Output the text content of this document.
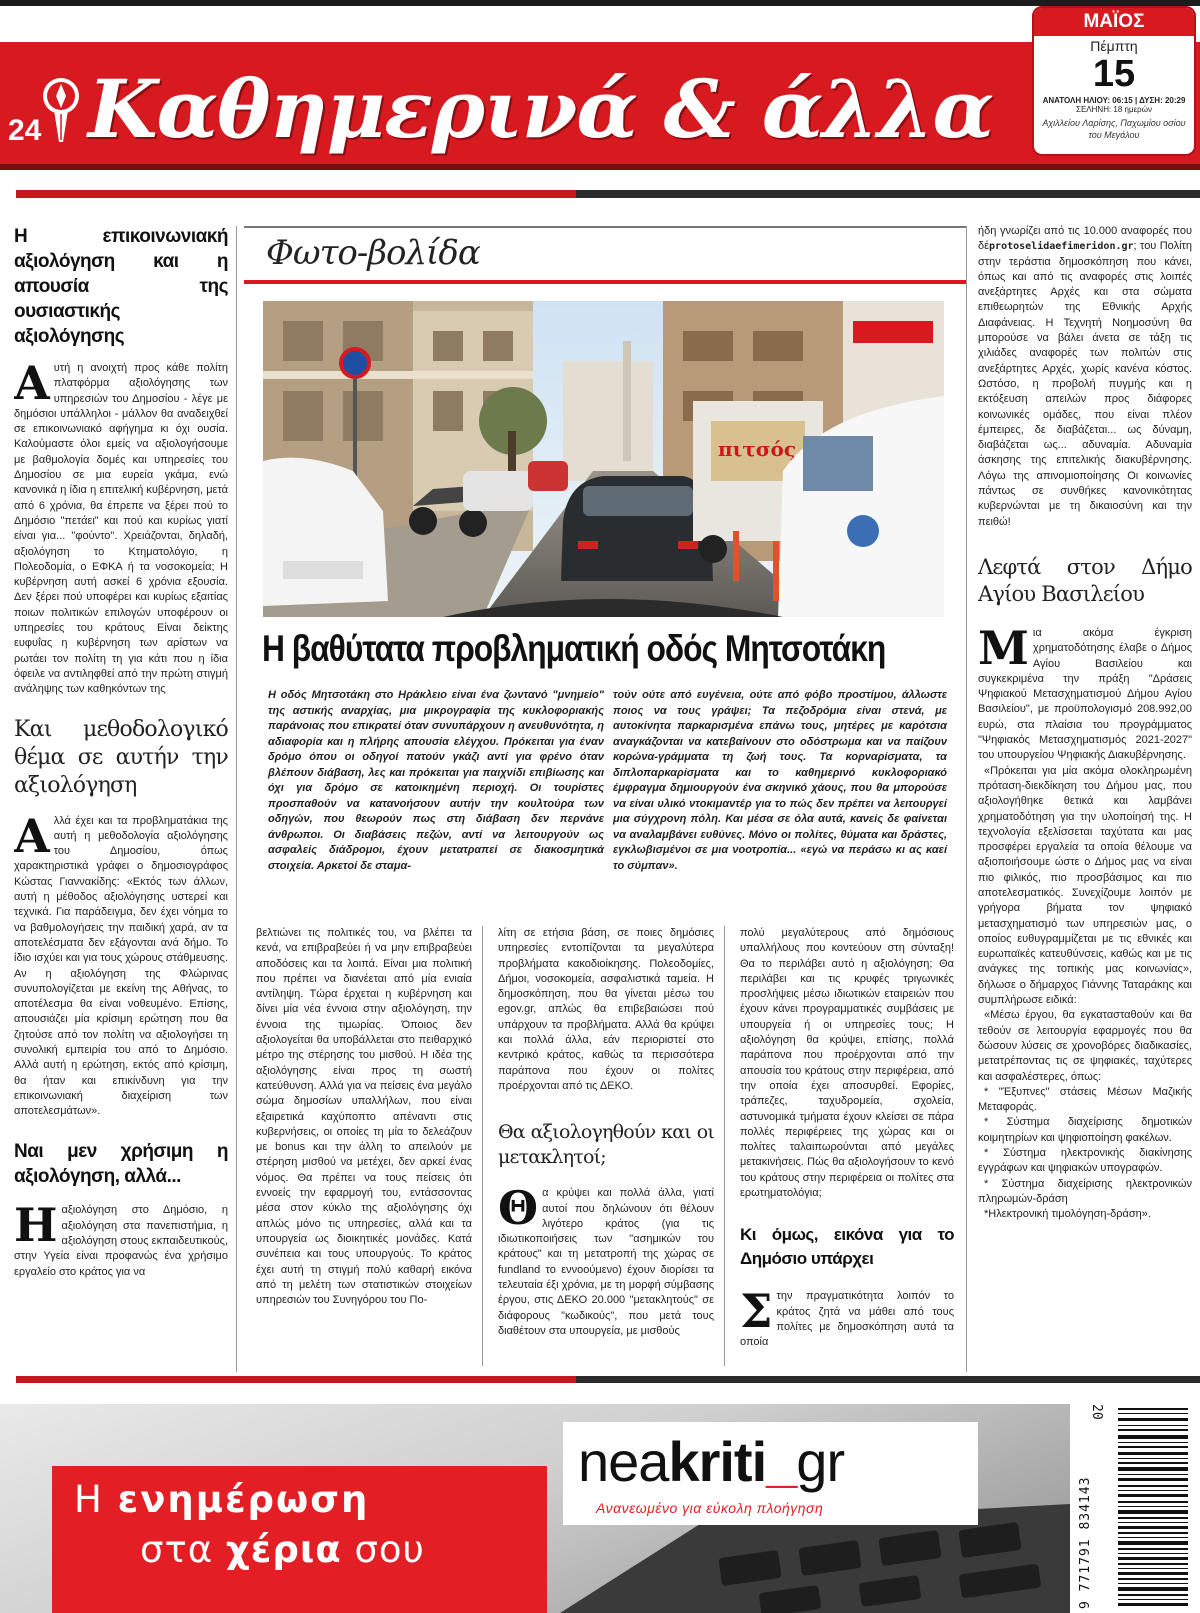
24 Καθημερινά & άλλα
ΜΑΪΟΣ
Πέμπτη
15
ΑΝΑΤΟΛΗ ΗΛΙΟΥ: 06:15 | ΔΥΣΗ: 20:29
ΣΕΛΗΝΗ: 18 ημερών
Αχιλλείου Λαρίσης, Παχωμίου οσίου του Μεγάλου
Η επικοινωνιακή αξιολόγηση και η απουσία της ουσιαστικής αξιολόγησης

Αυτή η ανοιχτή προς κάθε πολίτη πλατφόρμα αξιολόγησης των υπηρεσιών του Δημοσίου - λέγε με δημόσιοι υπάλληλοι - μάλλον θα αναδειχθεί σε επικοινωνιακό αφήγημα κι όχι ουσία. Καλούμαστε όλοι εμείς να αξιολογήσουμε με βαθμολογία δομές και υπηρεσίες του Δημοσίου σε μια ευρεία γκάμα, ενώ κανονικά η ίδια η επιτελική κυβέρνηση, μετά από 6 χρόνια, θα έπρεπε να ξέρει πού το Δημόσιο "πετάει" και πού και κυρίως γιατί είναι για... "φούντο". Χρειάζονται, δηλαδή, αξιολόγηση το Κτηματολόγιο, η Πολεοδομία, ο ΕΦΚΑ ή τα νοσοκομεία; Η κυβέρνηση αυτή ασκεί 6 χρόνια εξουσία. Δεν ξέρει πού υποφέρει και κυρίως εξαιτίας ποιων πολιτικών επιλογών υποφέρουν οι υπηρεσίες του κράτους Είναι δείκτης ευφυΐας η κυβέρνηση των αρίστων να ρωτάει τον πολίτη τη για κάτι που η ίδια όφειλε να αντιληφθεί από την πρώτη στιγμή ανάληψης των καθηκόντων της

Και μεθοδολογικό θέμα σε αυτήν την αξιολόγηση

Αλλά έχει και τα προβληματάκια της αυτή η μεθοδολογία αξιολόγησης του Δημοσίου, όπως χαρακτηριστικά γράφει ο δημοσιογράφος Κώστας Γιαννακίδης: «Εκτός των άλλων, αυτή η μέθοδος αξιολόγησης υστερεί και τεχνικά. Για παράδειγμα, δεν έχει νόημα το να βαθμολογήσεις την παιδική χαρά, αν τα αποτελέσματα δεν εξάγονται ανά δήμο. Το ίδιο ισχύει και για τους χώρους στάθμευσης. Αν η αξιολόγηση της Φλώρινας συνυπολογίζεται με εκείνη της Αθήνας, το αποτέλεσμα θα είναι νοθευμένο. Επίσης, απουσιάζει μία κρίσιμη ερώτηση που θα ζητούσε από τον πολίτη να αξιολογήσει τη συνολική εμπειρία του από το Δημόσιο. Αλλά αυτή η ερώτηση, εκτός από κρίσιμη, θα ήταν και επικίνδυνη για την επικοινωνιακή διαχείριση των αποτελεσμάτων».

Ναι μεν χρήσιμη η αξιολόγηση, αλλά...

Ηαξιολόγηση στο Δημόσιο, η αξιολόγηση στα πανεπιστήμια, η αξιολόγηση στους εκπαιδευτικούς, στην Υγεία είναι προφανώς ένα χρήσιμο εργαλείο στο κράτος για να

Φωτο-βολίδα
πιτσός
Η βαθύτατα προβληματική οδός Μητσοτάκη
Η οδός Μητσοτάκη στο Ηράκλειο είναι ένα ζωντανό "μνημείο" της αστικής αναρχίας, μια μικρογραφία της κυκλοφοριακής παράνοιας που επικρατεί όταν συνυπάρχουν η ανευθυνότητα, η αδιαφορία και η πλήρης απουσία ελέγχου. Πρόκειται για έναν δρόμο όπου οι οδηγοί πατούν γκάζι αντί για φρένο όταν βλέπουν διάβαση, λες και πρόκειται για παιχνίδι επιβίωσης και όχι για δρόμο σε κατοικημένη περιοχή. Οι τουρίστες προσπαθούν να κατανοήσουν αυτήν την κουλτούρα των οδηγών, που θεωρούν πως στη διάβαση δεν περνάνε άνθρωποι. Οι διαβάσεις πεζών, αντί να λειτουργούν ως ασφαλείς διάδρομοι, έχουν μετατραπεί σε διακοσμητικά στοιχεία. Αρκετοί δε σταμα-
τούν ούτε από ευγένεια, ούτε από φόβο προστίμου, άλλωστε ποιος να τους γράψει; Τα πεζοδρόμια είναι στενά, με αυτοκίνητα παρκαρισμένα επάνω τους, μητέρες με καρότσια αναγκάζονται να κατεβαίνουν στο οδόστρωμα και να παίζουν κορώνα-γράμματα τη ζωή τους. Τα κορναρίσματα, τα διπλοπαρκαρίσματα και το καθημερινό κυκλοφοριακό έμφραγμα δημιουργούν ένα σκηνικό χάους, που θα μπορούσε να είναι υλικό ντοκιμαντέρ για το πώς δεν πρέπει να λειτουργεί μια σύγχρονη πόλη. Και μέσα σε όλα αυτά, κανείς δε φαίνεται να αναλαμβάνει ευθύνες. Μόνο οι πολίτες, θύματα και δράστες, εγκλωβισμένοι σε μια νοοτροπία... «εγώ να περάσω κι ας καεί το σύμπαν».

βελτιώνει τις πολιτικές του, να βλέπει τα κενά, να επιβραβεύει ή να μην επιβραβεύει αποδόσεις και τα λοιπά. Είναι μια πολιτική που πρέπει να διανέεται από μία ενιαία αντίληψη. Τώρα έρχεται η κυβέρνηση και δίνει μία νέα έννοια στην αξιολόγηση, την έννοια της τιμωρίας. Όποιος δεν αξιολογείται θα υποβάλλεται στο πειθαρχικό μέτρο της στέρησης του μισθού. Η ιδέα της αξιολόγησης είναι προς τη σωστή κατεύθυνση. Αλλά για να πείσεις ένα μεγάλο σώμα δημοσίων υπαλλήλων, που είναι εξαιρετικά καχύποπτο απέναντι στις κυβερνήσεις, οι οποίες τη μία το δελεάζουν με bonus και την άλλη το απειλούν με στέρηση μισθού να μετέχει, δεν αρκεί ένας νόμος. Θα πρέπει να τους πείσεις ότι εννοείς την εφαρμογή του, εντάσσοντας μέσα στον κύκλο της αξιολόγησης όχι απλώς μόνο τις υπηρεσίες, αλλά και τα υπουργεία ως διοικητικές μονάδες. Κατά συνέπεια και τους υπουργούς. Το κράτος έχει αυτή τη στιγμή πολύ καθαρή εικόνα από τη μελέτη των στατιστικών στοιχείων υπηρεσιών του Συνηγόρου του Πο-

λίτη σε ετήσια βάση, σε ποιες δημόσιες υπηρεσίες εντοπίζονται τα μεγαλύτερα προβλήματα κακοδιοίκησης. Πολεοδομίες, Δήμοι, νοσοκομεία, ασφαλιστικά ταμεία. Η δημοσκόπηση, που θα γίνεται μέσω του egov.gr, απλώς θα επιβεβαιώσει πού υπάρχουν τα προβλήματα. Αλλά θα κρύψει και πολλά άλλα, εάν περιοριστεί στο κεντρικό κράτος, καθώς τα περισσότερα παράπονα που έχουν οι πολίτες προέρχονται από τις ΔΕΚΟ.

Θα αξιολογηθούν και οι μετακλητοί;

Θα κρύψει και πολλά άλλα, γιατί αυτοί που δηλώνουν ότι θέλουν λιγότερο κράτος (για τις ιδιωτικοποιήσεις των "ασημικών του κράτους" και τη μετατροπή της χώρας σε fundland το εννοούμενο) έχουν διορίσει τα τελευταία έξι χρόνια, με τη μορφή σύμβασης έργου, στις ΔΕΚΟ 20.000 "μετακλητούς" σε διάφορους "κωδικούς", που μετά τους διαθέτουν στα υπουργεία, με μισθούς

πολύ μεγαλύτερους από δημόσιους υπαλλήλους που κοντεύουν στη σύνταξη! Θα το περιλάβει αυτό η αξιολόγηση; Θα περιλάβει και τις κρυφές τριγωνικές προσλήψεις μέσω ιδιωτικών εταιρειών που έχουν κάνει προγραμματικές συμβάσεις με υπουργεία ή οι υπηρεσίες τους; Η αξιολόγηση θα κρύψει, επίσης, πολλά παράπονα που προέρχονται από την απουσία του κράτους στην περιφέρεια, από την οποία έχει αποσυρθεί. Εφορίες, τράπεζες, ταχυδρομεία, σχολεία, αστυνομικά τμήματα έχουν κλείσει σε πάρα πολλές περιφέρειες της χώρας και οι πολίτες ταλαιπωρούνται από μεγάλες μετακινήσεις. Πώς θα αξιολογήσουν το κενό του κράτους στην περιφέρεια οι πολίτες στα ερωτηματολόγια;

Κι όμως, εικόνα για το Δημόσιο υπάρχει

Στην πραγματικότητα λοιπόν το κράτος ζητά να μάθει από τους πολίτες με δημοσκόπηση αυτά τα οποία

ήδη γνωρίζει από τις 10.000 αναφορές που δέprotoselidaefimeridon.gr; του Πολίτη στην τεράστια δημοσκόπηση που κάνει, όπως και από τις αναφορές στις λοιπές ανεξάρτητες Αρχές και στα σώματα επιθεωρητών της Εθνικής Αρχής Διαφάνειας. Η Τεχνητή Νοημοσύνη θα μπορούσε να βάλει άνετα σε τάξη τις χιλιάδες αναφορές των πολιτών στις ανεξάρτητες Αρχές, χωρίς κανένα κόστος. Ωστόσο, η προβολή πυγμής και η εκτόξευση απειλών προς διάφορες κοινωνικές ομάδες, που είναι πλέον έμπειρες, δε διαβάζεται... ως δύναμη, διαβάζεται ως... αδυναμία. Αδυναμία άσκησης της επιτελικής διακυβέρνησης. Λόγω της απινομιοποίησης Οι κοινωνίες πάντως σε συνθήκες κανονικότητας κυβερνώνται με τη δικαιοσύνη και την πειθώ!

Λεφτά στον Δήμο Αγίου Βασιλείου

Μια ακόμα έγκριση χρηματοδότησης έλαβε ο Δήμος Αγίου Βασιλείου και συγκεκριμένα την πράξη "Δράσεις Ψηφιακού Μετασχηματισμού Δήμου Αγίου Βασιλείου", με προϋπολογισμό 208.992,00 ευρώ, στα πλαίσια του προγράμματος "Ψηφιακός Μετασχηματισμός 2021-2027" του υπουργείου Ψηφιακής Διακυβέρνησης.

«Πρόκειται για μία ακόμα ολοκληρωμένη πρόταση-διεκδίκηση του Δήμου μας, που αξιολογήθηκε θετικά και λαμβάνει χρηματοδότηση για την υλοποίησή της. Η τεχνολογία εξελίσσεται ταχύτατα και μας προσφέρει εργαλεία τα οποία θέλουμε να αξιοποιήσουμε ώστε ο Δήμος μας να είναι πιο φιλικός, πιο προσβάσιμος και πιο αποτελεσματικός. Συνεχίζουμε λοιπόν με γρήγορα βήματα τον ψηφιακό μετασχηματισμό των υπηρεσιών μας, ο οποίος ευθυγραμμίζεται με τις εθνικές και ευρωπαϊκές κατευθύνσεις, καθώς και με τις ανάγκες της τοπικής μας κοινωνίας», δήλωσε ο δήμαρχος Γιάννης Ταταράκης και συμπλήρωσε ειδικά:

«Μέσω έργου, θα εγκατασταθούν και θα τεθούν σε λειτουργία εφαρμογές που θα δώσουν λύσεις σε χρονοβόρες διαδικασίες, μετατρέποντας τις σε ψηφιακές, ταχύτερες και ασφαλέστερες, όπως:

* "Έξυπνες" στάσεις Μέσων Μαζικής Μεταφοράς.

* Σύστημα διαχείρισης δημοτικών κοιμητηρίων και ψηφιοποίηση φακέλων.

* Σύστημα ηλεκτρονικής διακίνησης εγγράφων και ψηφιακών υπογραφών.

* Σύστημα διαχείρισης ηλεκτρονικών πληρωμών-δράση

*Ηλεκτρονική τιμολόγηση-δράση».

Η ενημέρωση
στα χέρια σου
neakriti_gr
Ανανεωμένο για εύκολη πλοήγηση	9 771791 834143
20
